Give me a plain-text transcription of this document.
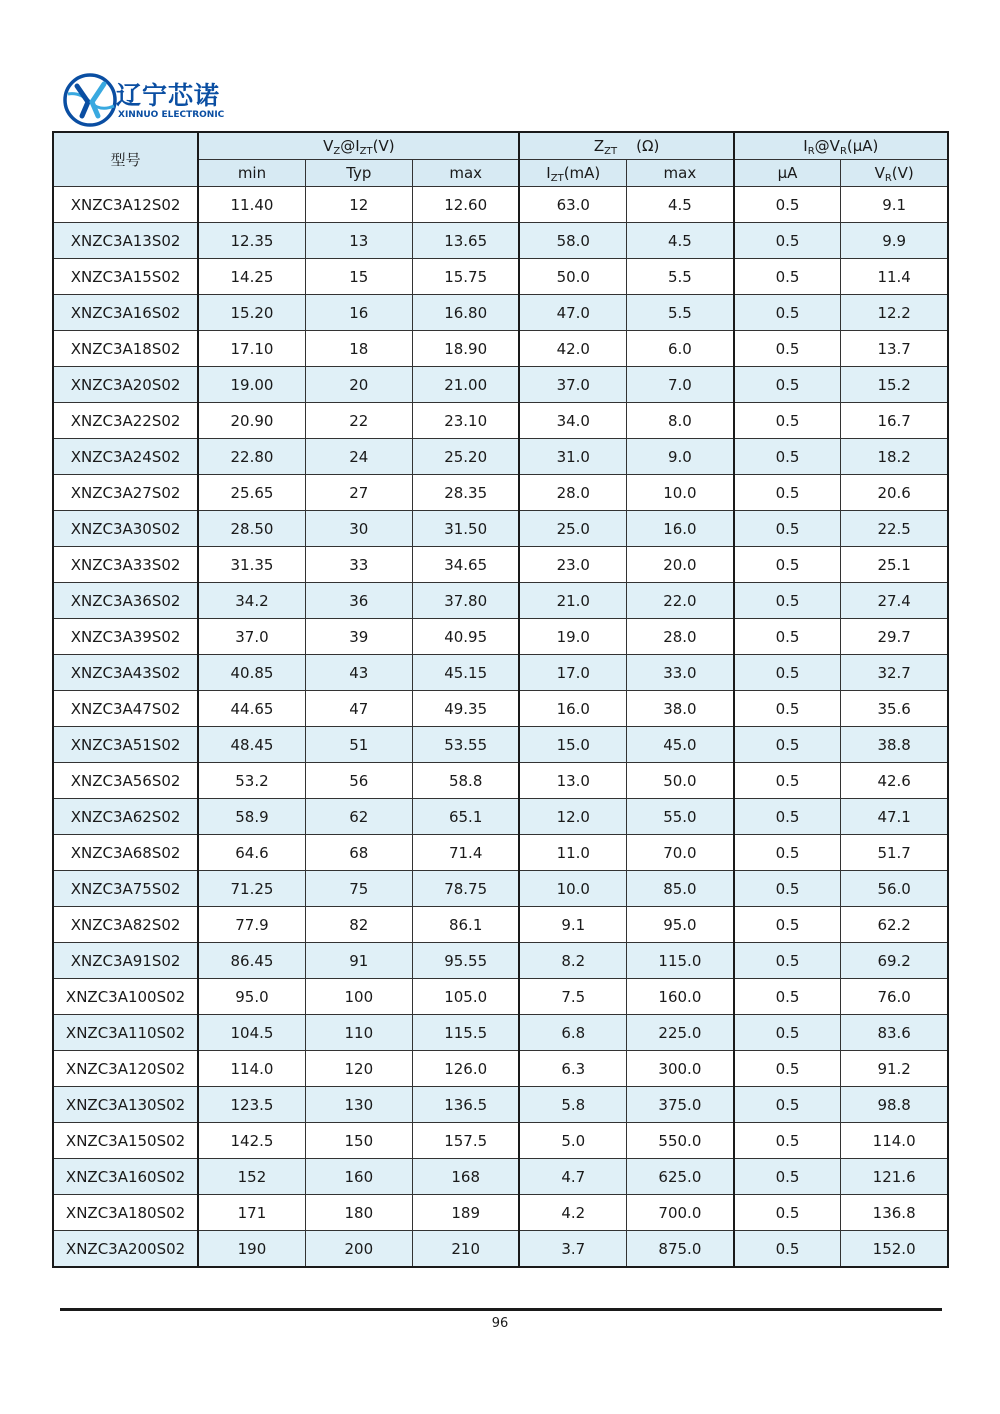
辽宁芯诺
XINNUO ELECTRONIC
型号	$V_Z@I_{ZT}(V)$			$Z_{ZT}$ (Ω)		$I_R@V_R(\mu A)$	
	min	Typ	max	$I_{ZT}(mA)$	max	μA	$V_R(V)$
XNZC3A12S02	11.40	12	12.60	63.0	4.5	0.5	9.1
XNZC3A13S02	12.35	13	13.65	58.0	4.5	0.5	9.9
XNZC3A15S02	14.25	15	15.75	50.0	5.5	0.5	11.4
XNZC3A16S02	15.20	16	16.80	47.0	5.5	0.5	12.2
XNZC3A18S02	17.10	18	18.90	42.0	6.0	0.5	13.7
XNZC3A20S02	19.00	20	21.00	37.0	7.0	0.5	15.2
XNZC3A22S02	20.90	22	23.10	34.0	8.0	0.5	16.7
XNZC3A24S02	22.80	24	25.20	31.0	9.0	0.5	18.2
XNZC3A27S02	25.65	27	28.35	28.0	10.0	0.5	20.6
XNZC3A30S02	28.50	30	31.50	25.0	16.0	0.5	22.5
XNZC3A33S02	31.35	33	34.65	23.0	20.0	0.5	25.1
XNZC3A36S02	34.2	36	37.80	21.0	22.0	0.5	27.4
XNZC3A39S02	37.0	39	40.95	19.0	28.0	0.5	29.7
XNZC3A43S02	40.85	43	45.15	17.0	33.0	0.5	32.7
XNZC3A47S02	44.65	47	49.35	16.0	38.0	0.5	35.6
XNZC3A51S02	48.45	51	53.55	15.0	45.0	0.5	38.8
XNZC3A56S02	53.2	56	58.8	13.0	50.0	0.5	42.6
XNZC3A62S02	58.9	62	65.1	12.0	55.0	0.5	47.1
XNZC3A68S02	64.6	68	71.4	11.0	70.0	0.5	51.7
XNZC3A75S02	71.25	75	78.75	10.0	85.0	0.5	56.0
XNZC3A82S02	77.9	82	86.1	9.1	95.0	0.5	62.2
XNZC3A91S02	86.45	91	95.55	8.2	115.0	0.5	69.2
XNZC3A100S02	95.0	100	105.0	7.5	160.0	0.5	76.0
XNZC3A110S02	104.5	110	115.5	6.8	225.0	0.5	83.6
XNZC3A120S02	114.0	120	126.0	6.3	300.0	0.5	91.2
XNZC3A130S02	123.5	130	136.5	5.8	375.0	0.5	98.8
XNZC3A150S02	142.5	150	157.5	5.0	550.0	0.5	114.0
XNZC3A160S02	152	160	168	4.7	625.0	0.5	121.6
XNZC3A180S02	171	180	189	4.2	700.0	0.5	136.8
XNZC3A200S02	190	200	210	3.7	875.0	0.5	152.0
96
